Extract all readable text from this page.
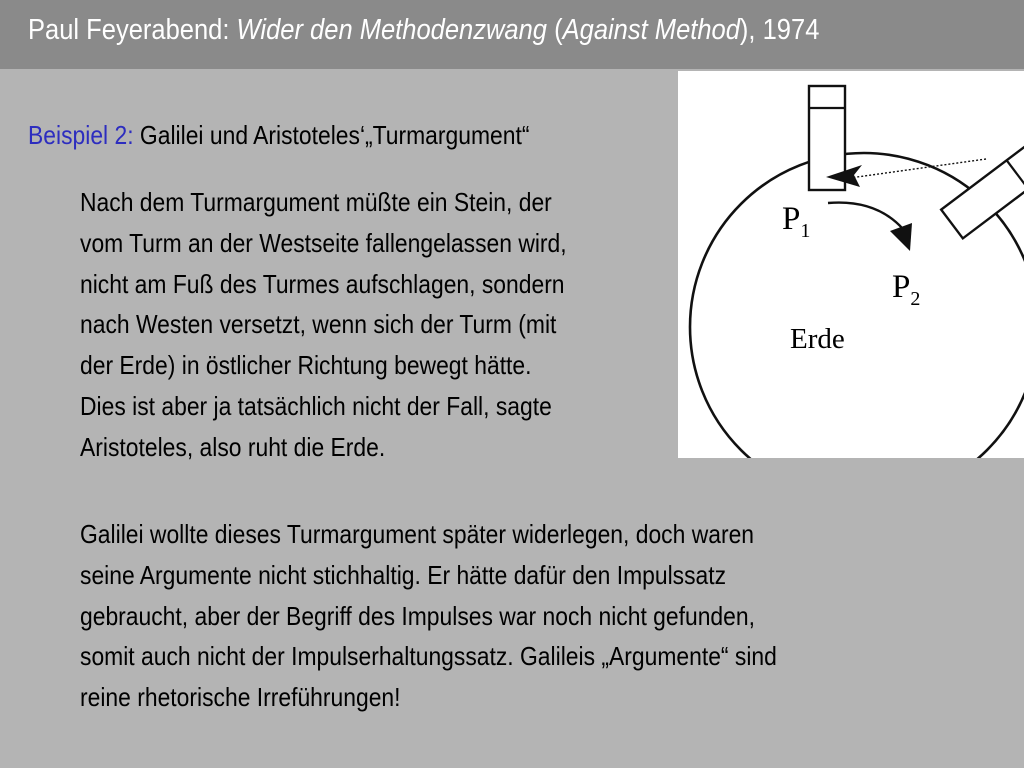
Paul Feyerabend: Wider den Methodenzwang (Against Method), 1974
Beispiel 2: Galilei und Aristoteles‘„Turmargument“
Nach dem Turmargument müßte ein Stein, der
vom Turm an der Westseite fallengelassen wird,
nicht am Fuß des Turmes aufschlagen, sondern
nach Westen versetzt, wenn sich der Turm (mit
der Erde) in östlicher Richtung bewegt hätte.
Dies ist aber ja tatsächlich nicht der Fall, sagte
Aristoteles, also ruht die Erde.
Galilei wollte dieses Turmargument später widerlegen, doch waren
seine Argumente nicht stichhaltig. Er hätte dafür den Impulssatz
gebraucht, aber der Begriff des Impulses war noch nicht gefunden,
somit auch nicht der Impulserhaltungssatz. Galileis „Argumente“ sind
reine rhetorische Irreführungen!
$P_1$
$P_2$
Erde
